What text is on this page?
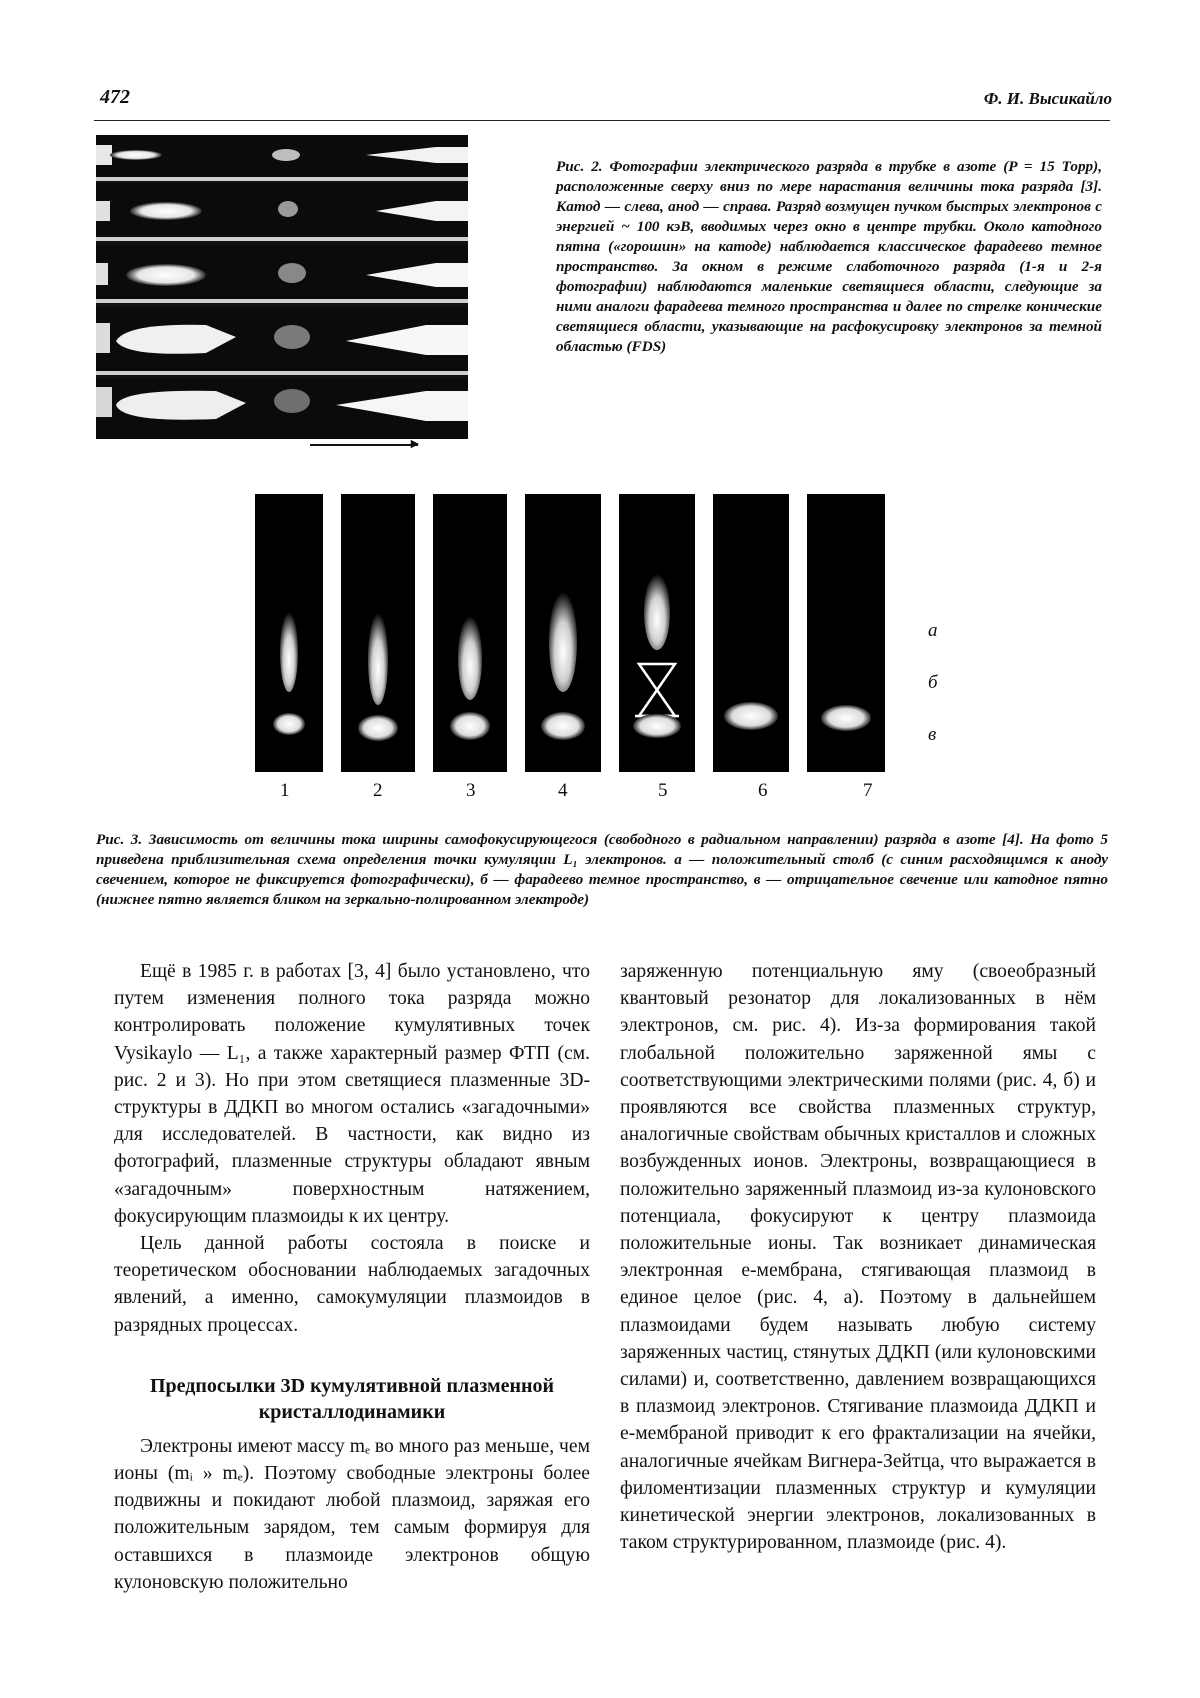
472	Ф. И. Высикайло
►
Рис. 2. Фотографии электрического разряда в трубке в азоте (P = 15 Торр), расположенные сверху вниз по мере нарастания величины тока разряда [3]. Катод — слева, анод — справа. Разряд возмущен пучком быстрых электронов с энергией ~ 100 кэВ, вводимых через окно в центре трубки. Около катодного пятна («горошин» на катоде) наблюдается классическое фарадеево темное пространство. За окном в режиме слаботочного разряда (1-я и 2-я фотографии) наблюдаются маленькие светящиеся области, следующие за ними аналоги фарадеева темного пространства и далее по стрелке конические светящиеся области, указывающие на расфокусировку электронов за темной областью (FDS)
а
б
в
1	2	3	4	5	6	7
Рис. 3. Зависимость от величины тока ширины самофокусирующегося (свободного в радиальном направлении) разряда в азоте [4]. На фото 5 приведена приблизительная схема определения точки кумуляции L₁ электронов. а — положительный столб (с синим расходящимся к аноду свечением, которое не фиксируется фотографически), б — фарадеево темное пространство, в — отрицательное свечение или катодное пятно (нижнее пятно является бликом на зеркально-полированном электроде)

Ещё в 1985 г. в работах [3, 4] было установлено, что путем изменения полного тока разряда можно контролировать положение кумулятивных точек Vysikaylo — L₁, а также характерный размер ФТП (см. рис. 2 и 3). Но при этом светящиеся плазменные 3D-структуры в ДДКП во многом остались «загадочными» для исследователей. В частности, как видно из фотографий, плазменные структуры обладают явным «загадочным» поверхностным натяжением, фокусирующим плазмоиды к их центру.

Цель данной работы состояла в поиске и теоретическом обосновании наблюдаемых загадочных явлений, а именно, самокумуляции плазмоидов в разрядных процессах.

Предпосылки 3D кумулятивной плазменной кристаллодинамики

Электроны имеют массу mₑ во много раз меньше, чем ионы (mᵢ » mₑ). Поэтому свободные электроны более подвижны и покидают любой плазмоид, заряжая его положительным зарядом, тем самым формируя для оставшихся в плазмоиде электронов общую кулоновскую положительно

заряженную потенциальную яму (своеобразный квантовый резонатор для локализованных в нём электронов, см. рис. 4). Из-за формирования такой глобальной положительно заряженной ямы с соответствующими электрическими полями (рис. 4, б) и проявляются все свойства плазменных структур, аналогичные свойствам обычных кристаллов и сложных возбужденных ионов. Электроны, возвращающиеся в положительно заряженный плазмоид из-за кулоновского потенциала, фокусируют к центру плазмоида положительные ионы. Так возникает динамическая электронная e-мембрана, стягивающая плазмоид в единое целое (рис. 4, а). Поэтому в дальнейшем плазмоидами будем называть любую систему заряженных частиц, стянутых ДДКП (или кулоновскими силами) и, соответственно, давлением возвращающихся в плазмоид электронов. Стягивание плазмоида ДДКП и e-мембраной приводит к его фрактализации на ячейки, аналогичные ячейкам Вигнера-Зейтца, что выражается в филоментизации плазменных структур и кумуляции кинетической энергии электронов, локализованных в таком структурированном, плазмоиде (рис. 4).
